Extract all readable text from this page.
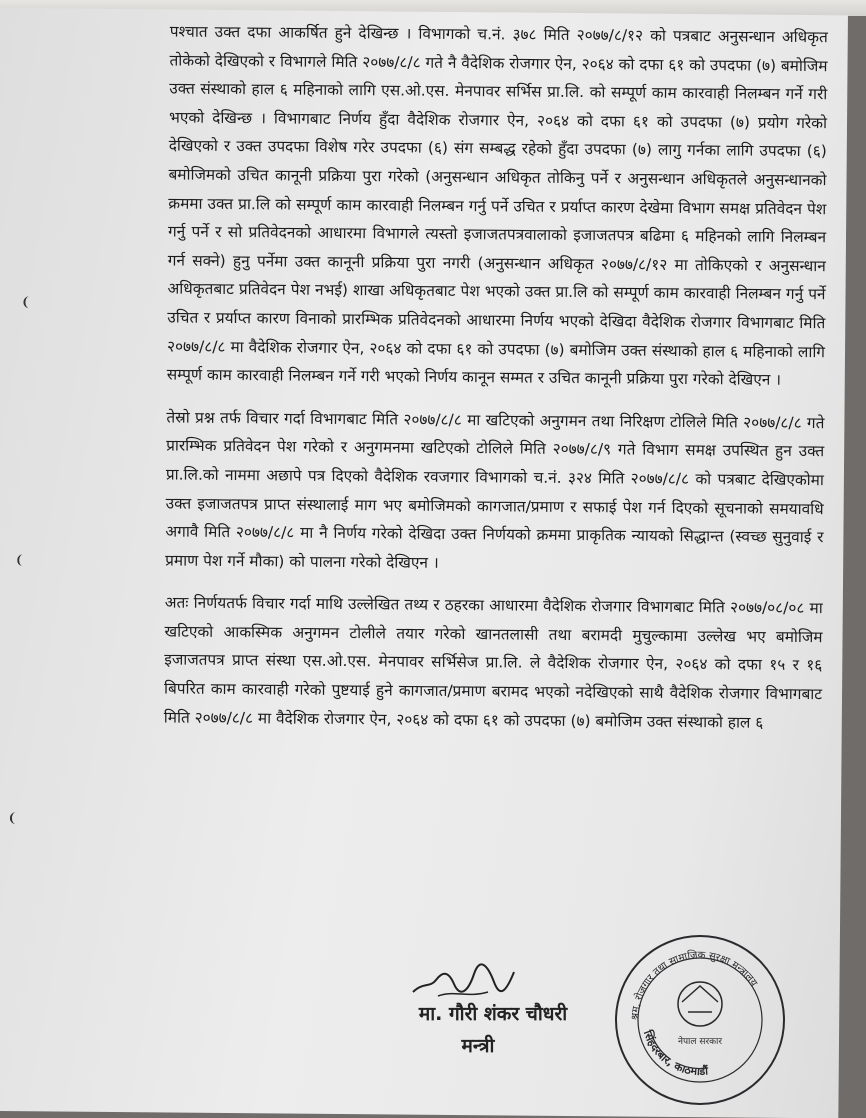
पश्चात उक्त दफा आकर्षित हुने देखिन्छ । विभागको च.नं. ३७८ मिति २०७७/८/१२ को पत्रबाट अनुसन्धान अधिकृत तोकेको देखिएको र विभागले मिति २०७७/८/८ गते नै वैदेशिक रोजगार ऐन, २०६४ को दफा ६१ को उपदफा (७) बमोजिम उक्त संस्थाको हाल ६ महिनाको लागि एस.ओ.एस. मेनपावर सर्भिस प्रा.लि. को सम्पूर्ण काम कारवाही निलम्बन गर्ने गरी भएको देखिन्छ । विभागबाट निर्णय हुँदा वैदेशिक रोजगार ऐन, २०६४ को दफा ६१ को उपदफा (७) प्रयोग गरेको देखिएको र उक्त उपदफा विशेष गरेर उपदफा (६) संग सम्बद्ध रहेको हुँदा उपदफा (७) लागु गर्नका लागि उपदफा (६) बमोजिमको उचित कानूनी प्रक्रिया पुरा गरेको (अनुसन्धान अधिकृत तोकिनु पर्ने र अनुसन्धान अधिकृतले अनुसन्धानको क्रममा उक्त प्रा.लि को सम्पूर्ण काम कारवाही निलम्बन गर्नु पर्ने उचित र प्रर्याप्त कारण देखेमा विभाग समक्ष प्रतिवेदन पेश गर्नु पर्ने र सो प्रतिवेदनको आधारमा विभागले त्यस्तो इजाजतपत्रवालाको इजाजतपत्र बढिमा ६ महिनको लागि निलम्बन गर्न सक्ने) हुनु पर्नेमा उक्त कानूनी प्रक्रिया पुरा नगरी (अनुसन्धान अधिकृत २०७७/८/१२ मा तोकिएको र अनुसन्धान अधिकृतबाट प्रतिवेदन पेश नभई) शाखा अधिकृतबाट पेश भएको उक्त प्रा.लि को सम्पूर्ण काम कारवाही निलम्बन गर्नु पर्ने उचित र प्रर्याप्त कारण विनाको प्रारम्भिक प्रतिवेदनको आधारमा निर्णय भएको देखिदा वैदेशिक रोजगार विभागबाट मिति २०७७/८/८ मा वैदेशिक रोजगार ऐन, २०६४ को दफा ६१ को उपदफा (७) बमोजिम उक्त संस्थाको हाल ६ महिनाको लागि सम्पूर्ण काम कारवाही निलम्बन गर्ने गरी भएको निर्णय कानून सम्मत र उचित कानूनी प्रक्रिया पुरा गरेको देखिएन ।

तेस्रो प्रश्न तर्फ विचार गर्दा विभागबाट मिति २०७७/८/८ मा खटिएको अनुगमन तथा निरिक्षण टोलिले मिति २०७७/८/८ गते प्रारम्भिक प्रतिवेदन पेश गरेको र अनुगमनमा खटिएको टोलिले मिति २०७७/८/९ गते विभाग समक्ष उपस्थित हुन उक्त प्रा.लि.को नाममा अछापे पत्र दिएको वैदेशिक रवजगार विभागको च.नं. ३२४ मिति २०७७/८/८ को पत्रबाट देखिएकोमा उक्त इजाजतपत्र प्राप्त संस्थालाई माग भए बमोजिमको कागजात/प्रमाण र सफाई पेश गर्न दिएको सूचनाको समयावधि अगावै मिति २०७७/८/८ मा नै निर्णय गरेको देखिदा उक्त निर्णयको क्रममा प्राकृतिक न्यायको सिद्धान्त (स्वच्छ सुनुवाई र प्रमाण पेश गर्ने मौका) को पालना गरेको देखिएन ।

अतः निर्णयतर्फ विचार गर्दा माथि उल्लेखित तथ्य र ठहरका आधारमा वैदेशिक रोजगार विभागबाट मिति २०७७/०८/०८ मा खटिएको आकस्मिक अनुगमन टोलीले तयार गरेको खानतलासी तथा बरामदी मुचुल्कामा उल्लेख भए बमोजिम इजाजतपत्र प्राप्त संस्था एस.ओ.एस. मेनपावर सर्भिसेज प्रा.लि. ले वैदेशिक रोजगार ऐन, २०६४ को दफा १५ र १६ बिपरित काम कारवाही गरेको पुष्टयाई हुने कागजात/प्रमाण बरामद भएको नदेखिएको साथै वैदेशिक रोजगार विभागबाट मिति २०७७/८/८ मा वैदेशिक रोजगार ऐन, २०६४ को दफा ६१ को उपदफा (७) बमोजिम उक्त संस्थाको हाल ६

मा. गौरी शंकर चौधरी
मन्त्री
श्रम, रोजगार तथा सामाजिक सुरक्षा मन्त्रालय
सिंहदरबार, काठमाडौं
नेपाल सरकार
